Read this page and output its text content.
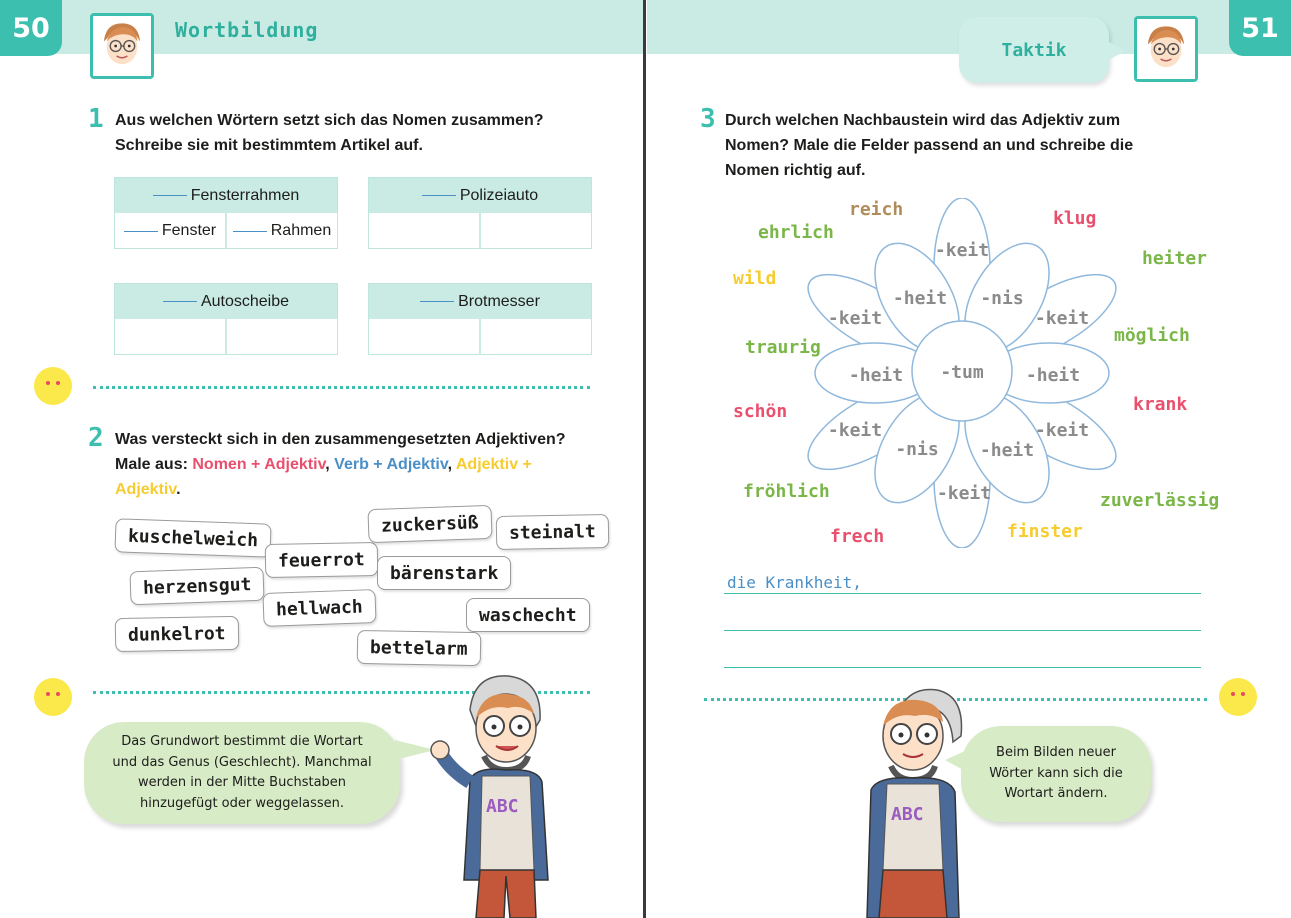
50	Wortbildung
1 Aus welchen Wörtern setzt sich das Nomen zusammen?
Schreibe sie mit bestimmtem Artikel auf.
Fensterrahmen
Fenster	Rahmen
Polizeiauto
Autoscheibe	Brotmesser
2 Was versteckt sich in den zusammengesetzten Adjektiven?
Male aus: Nomen + Adjektiv, Verb + Adjektiv, Adjektiv +
Adjektiv.
kuschelweich
feuerrot
zuckersüß	steinalt
herzensgut
bärenstark
hellwach	waschecht
dunkelrot
bettelarm
Das Grundwort bestimmt die Wortart
und das Genus (Geschlecht). Manchmal
werden in der Mitte Buchstaben
hinzugefügt oder weggelassen.	ABC
51
Taktik
3 Durch welchen Nachbaustein wird das Adjektiv zum
Nomen? Male die Felder passend an und schreibe die
Nomen richtig auf.
-tum
-keit
-keit
-keit
-keit
-keit
-keit
-heit -nis
-heit
-heit
-nis
-heit
reich	klug
ehrlich
heiter
wild
möglich
traurig
krank
schön
fröhlich	zuverlässig
frech	finster
die Krankheit,
ABC
Beim Bilden neuer
Wörter kann sich die
Wortart ändern.
